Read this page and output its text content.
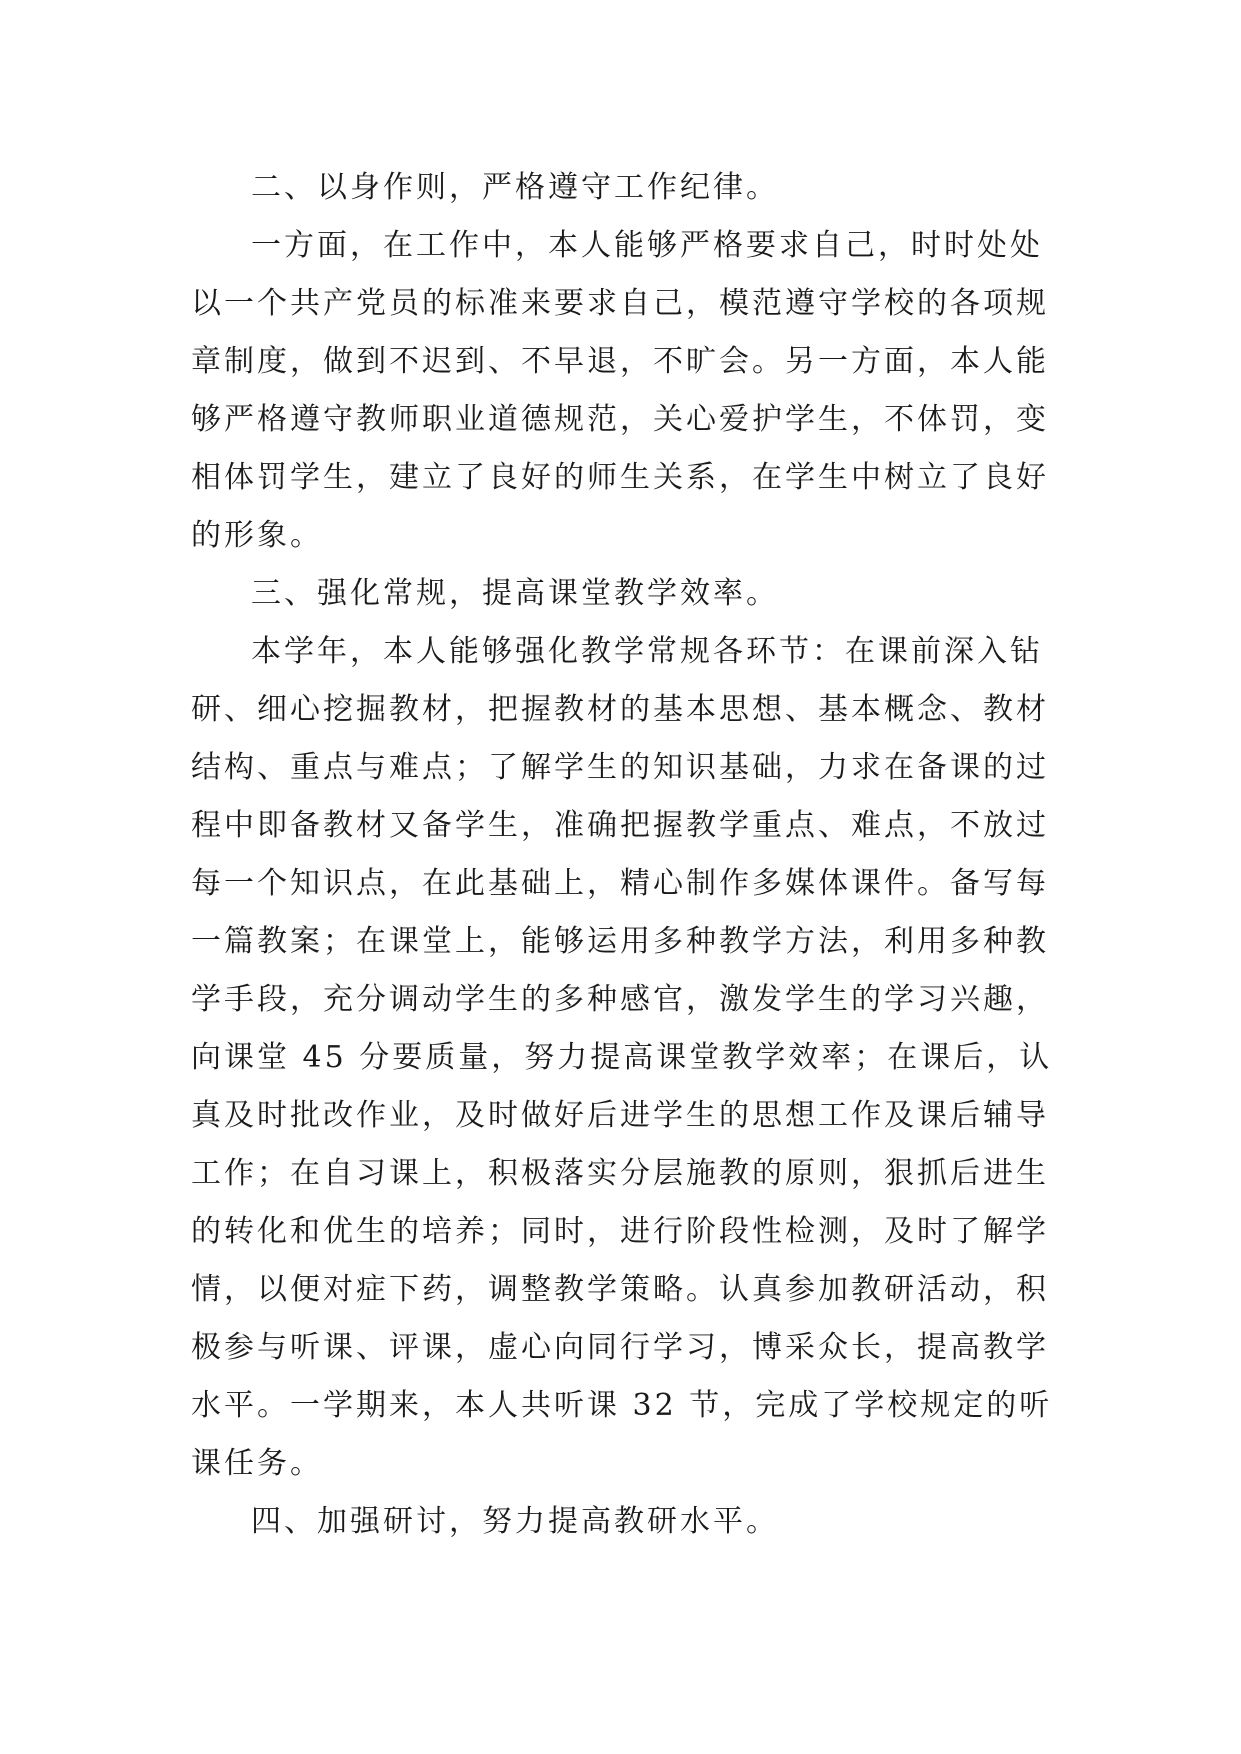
二、以身作则，严格遵守工作纪律。
一方面，在工作中，本人能够严格要求自己，时时处处
以一个共产党员的标准来要求自己，模范遵守学校的各项规
章制度，做到不迟到、不早退，不旷会。另一方面，本人能
够严格遵守教师职业道德规范，关心爱护学生，不体罚，变
相体罚学生，建立了良好的师生关系，在学生中树立了良好
的形象。
三、强化常规，提高课堂教学效率。
本学年，本人能够强化教学常规各环节：在课前深入钻
研、细心挖掘教材，把握教材的基本思想、基本概念、教材
结构、重点与难点；了解学生的知识基础，力求在备课的过
程中即备教材又备学生，准确把握教学重点、难点，不放过
每一个知识点，在此基础上，精心制作多媒体课件。备写每
一篇教案；在课堂上，能够运用多种教学方法，利用多种教
学手段，充分调动学生的多种感官，激发学生的学习兴趣，
向课堂 45 分要质量，努力提高课堂教学效率；在课后，认
真及时批改作业，及时做好后进学生的思想工作及课后辅导
工作；在自习课上，积极落实分层施教的原则，狠抓后进生
的转化和优生的培养；同时，进行阶段性检测，及时了解学
情，以便对症下药，调整教学策略。认真参加教研活动，积
极参与听课、评课，虚心向同行学习，博采众长，提高教学
水平。一学期来，本人共听课 32 节，完成了学校规定的听
课任务。
四、加强研讨，努力提高教研水平。
